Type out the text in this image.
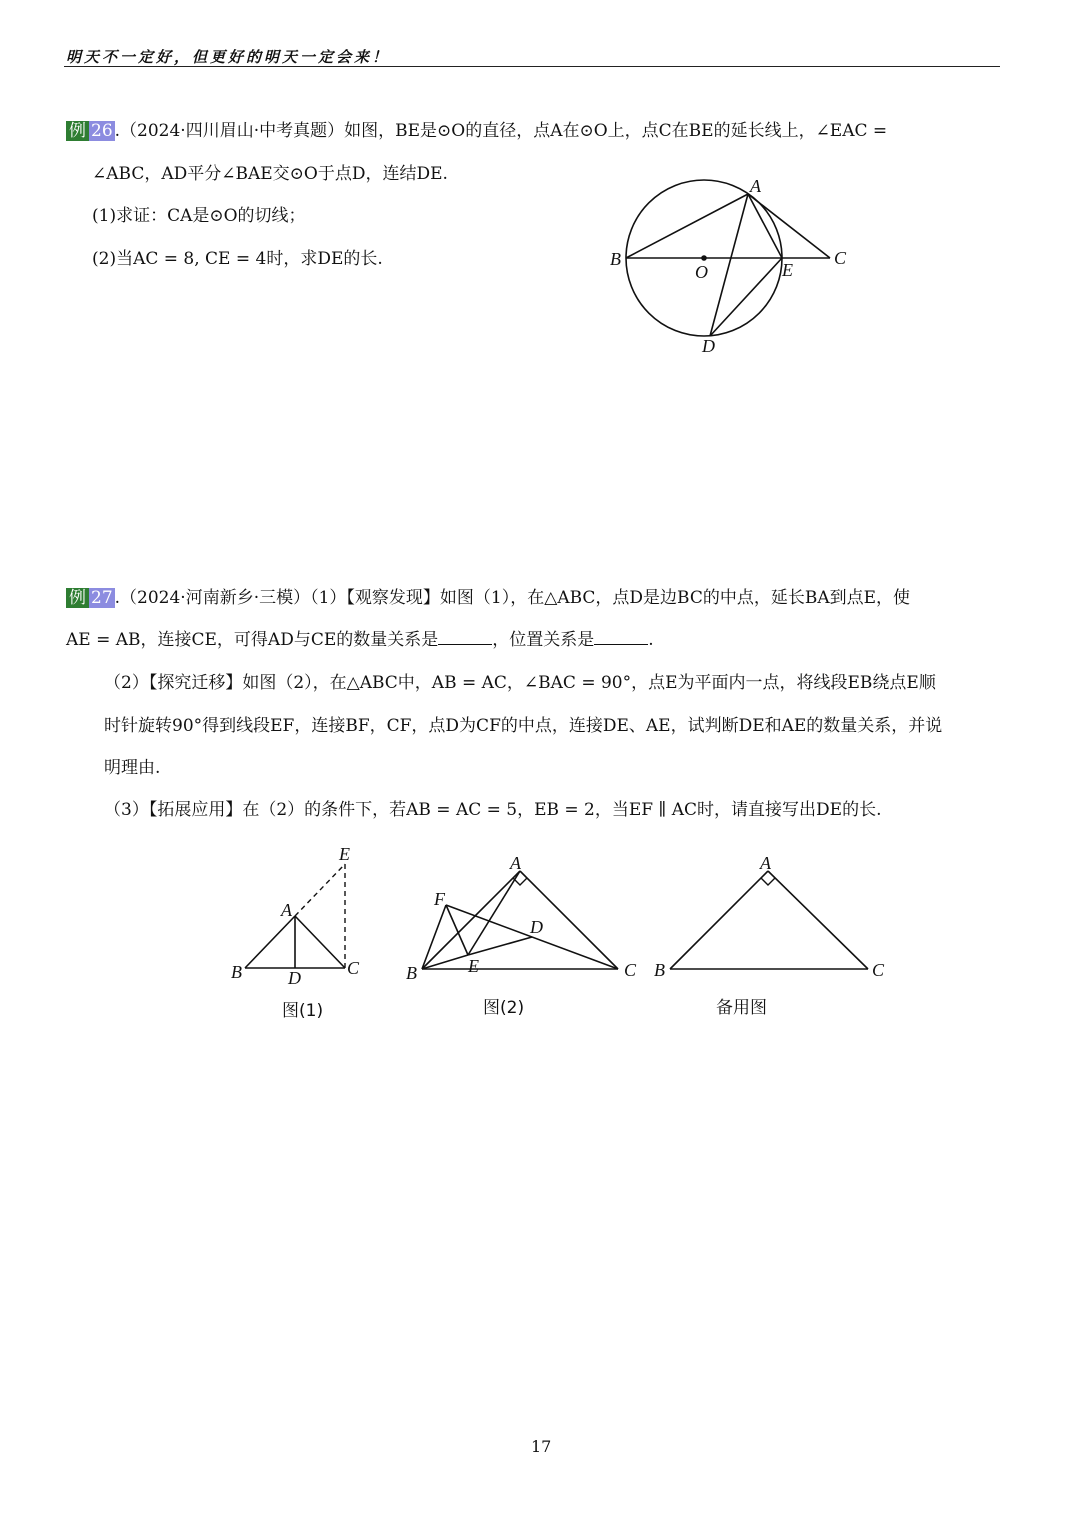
明天不一定好，但更好的明天一定会来！
例 26 .（2024·四川眉山·中考真题）如图，BE是⊙O的直径，点A在⊙O上，点C在BE的延长线上，∠EAC =
∠ABC，AD平分∠BAE交⊙O于点D，连结DE.
(1)求证：CA是⊙O的切线；
(2)当AC = 8, CE = 4时，求DE的长.
A
B	C
O	E
D
例 27 .（2024·河南新乡·三模）（1）【观察发现】如图（1），在△ABC，点D是边BC的中点，延长BA到点E，使
AE = AB，连接CE，可得AD与CE的数量关系是	，位置关系是	.
（2）【探究迁移】如图（2），在△ABC中，AB = AC，∠BAC = 90°，点E为平面内一点，将线段EB绕点E顺
时针旋转90°得到线段EF，连接BF，CF，点D为CF的中点，连接DE、AE，试判断DE和AE的数量关系，并说
明理由.
（3）【拓展应用】在（2）的条件下，若AB = AC = 5，EB = 2，当EF ∥ AC时，请直接写出DE的长.
E
A
B	C
D
图(1)
A
F
D
E
B	C
图(2)
A
B	C
备用图
17
